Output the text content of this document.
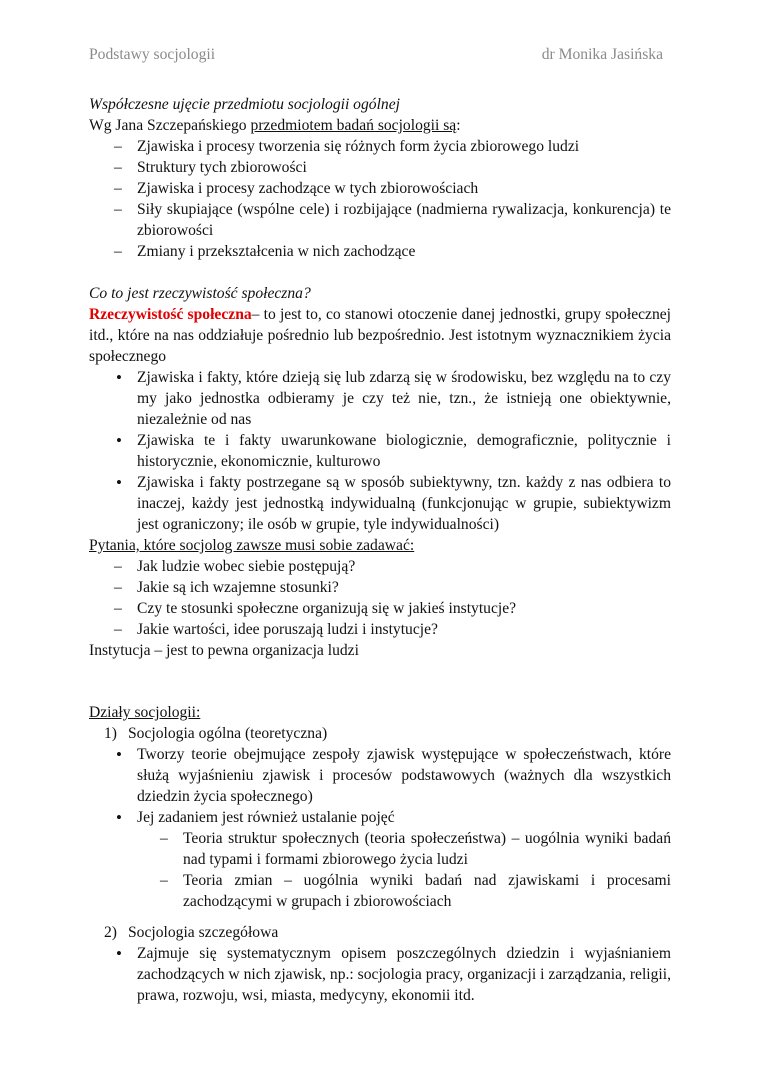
Podstawy socjologii	dr Monika Jasińska
Współczesne ujęcie przedmiotu socjologii ogólnej
Wg Jana Szczepańskiego przedmiotem badań socjologii są:
– Zjawiska i procesy tworzenia się różnych form życia zbiorowego ludzi
– Struktury tych zbiorowości
– Zjawiska i procesy zachodzące w tych zbiorowościach
– Siły skupiające (wspólne cele) i rozbijające (nadmierna rywalizacja, konkurencja) te zbiorowości
– Zmiany i przekształcenia w nich zachodzące
Co to jest rzeczywistość społeczna?
Rzeczywistość społeczna– to jest to, co stanowi otoczenie danej jednostki, grupy społecznej itd., które na nas oddziałuje pośrednio lub bezpośrednio. Jest istotnym wyznacznikiem życia społecznego
• Zjawiska i fakty, które dzieją się lub zdarzą się w środowisku, bez względu na to czy my jako jednostka odbieramy je czy też nie, tzn., że istnieją one obiektywnie, niezależnie od nas
• Zjawiska te i fakty uwarunkowane biologicznie, demograficznie, politycznie i historycznie, ekonomicznie, kulturowo
• Zjawiska i fakty postrzegane są w sposób subiektywny, tzn. każdy z nas odbiera to inaczej, każdy jest jednostką indywidualną (funkcjonując w grupie, subiektywizm jest ograniczony; ile osób w grupie, tyle indywidualności)
Pytania, które socjolog zawsze musi sobie zadawać:
– Jak ludzie wobec siebie postępują?
– Jakie są ich wzajemne stosunki?
– Czy te stosunki społeczne organizują się w jakieś instytucje?
– Jakie wartości, idee poruszają ludzi i instytucje?
Instytucja – jest to pewna organizacja ludzi
Działy socjologii:
1) Socjologia ogólna (teoretyczna)
• Tworzy teorie obejmujące zespoły zjawisk występujące w społeczeństwach, które służą wyjaśnieniu zjawisk i procesów podstawowych (ważnych dla wszystkich dziedzin życia społecznego)
• Jej zadaniem jest również ustalanie pojęć
– Teoria struktur społecznych (teoria społeczeństwa) – uogólnia wyniki badań nad typami i formami zbiorowego życia ludzi
– Teoria zmian – uogólnia wyniki badań nad zjawiskami i procesami zachodzącymi w grupach i zbiorowościach
2) Socjologia szczegółowa
• Zajmuje się systematycznym opisem poszczególnych dziedzin i wyjaśnianiem zachodzących w nich zjawisk, np.: socjologia pracy, organizacji i zarządzania, religii, prawa, rozwoju, wsi, miasta, medycyny, ekonomii itd.
